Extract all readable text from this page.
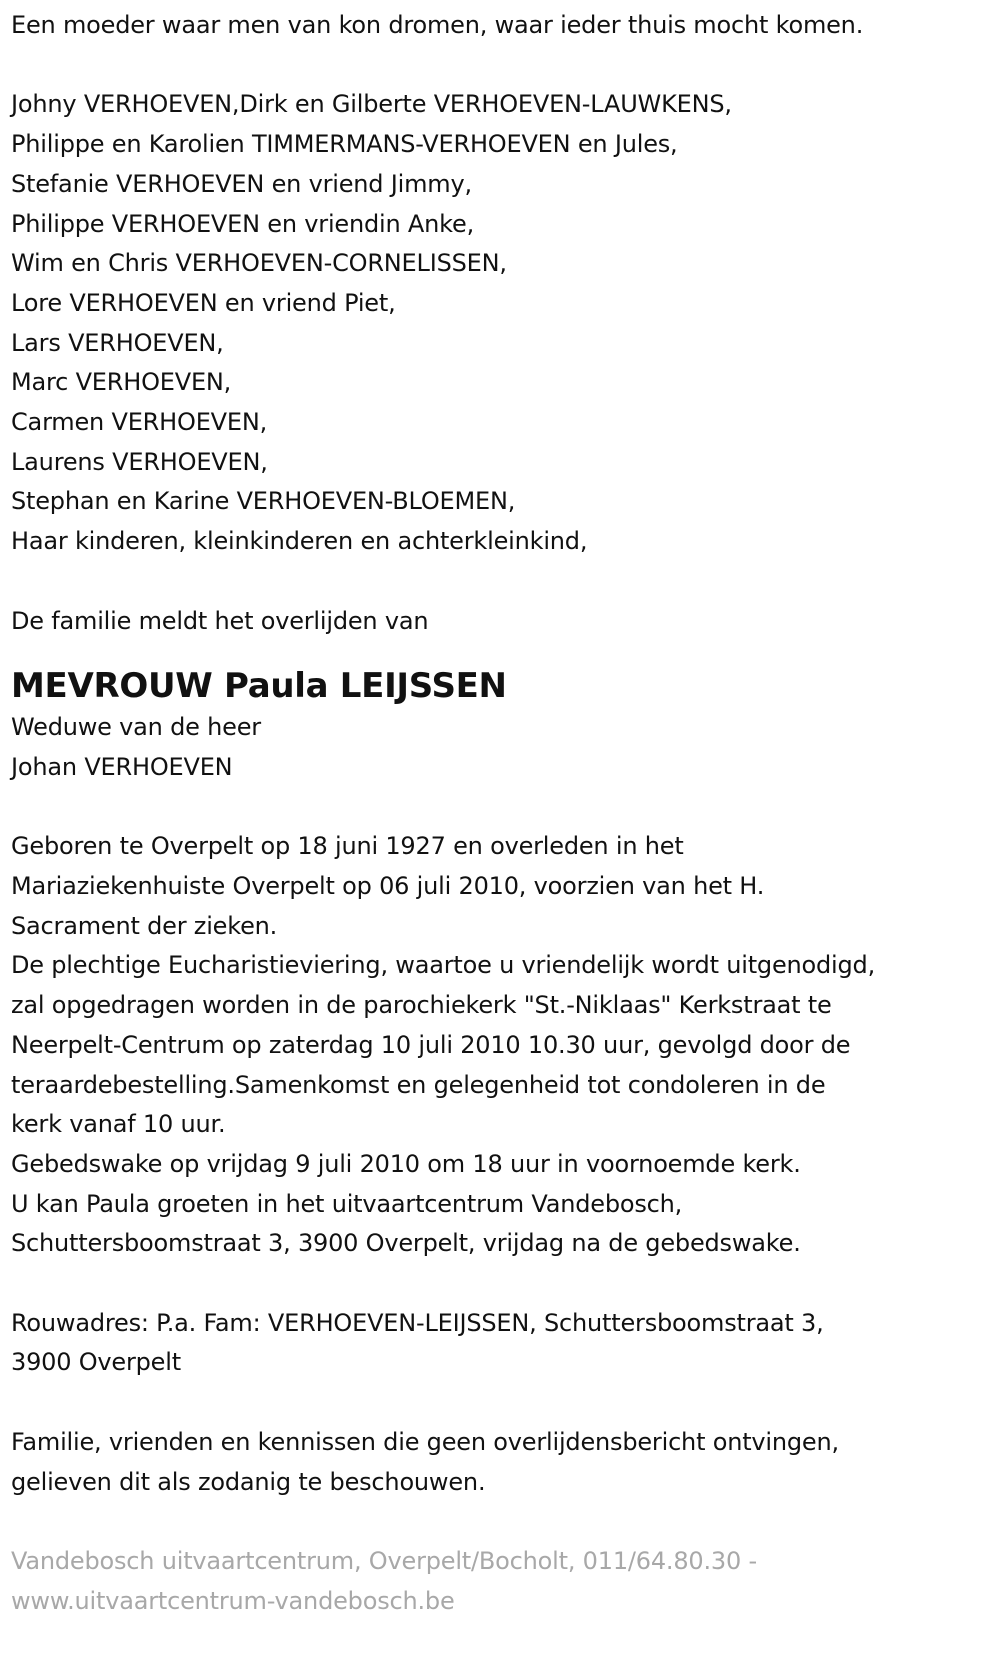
Een moeder waar men van kon dromen, waar ieder thuis mocht komen.
Johny VERHOEVEN,Dirk en Gilberte VERHOEVEN-LAUWKENS,
Philippe en Karolien TIMMERMANS-VERHOEVEN en Jules,
Stefanie VERHOEVEN en vriend Jimmy,
Philippe VERHOEVEN en vriendin Anke,
Wim en Chris VERHOEVEN-CORNELISSEN,
Lore VERHOEVEN en vriend Piet,
Lars VERHOEVEN,
Marc VERHOEVEN,
Carmen VERHOEVEN,
Laurens VERHOEVEN,
Stephan en Karine VERHOEVEN-BLOEMEN,
Haar kinderen, kleinkinderen en achterkleinkind,
De familie meldt het overlijden van
MEVROUW Paula LEIJSSEN
Weduwe van de heer
Johan VERHOEVEN
Geboren te Overpelt op 18 juni 1927 en overleden in het
Mariaziekenhuiste Overpelt op 06 juli 2010, voorzien van het H.
Sacrament der zieken.
De plechtige Eucharistieviering, waartoe u vriendelijk wordt uitgenodigd,
zal opgedragen worden in de parochiekerk "St.-Niklaas" Kerkstraat te
Neerpelt-Centrum op zaterdag 10 juli 2010 10.30 uur, gevolgd door de
teraardebestelling.Samenkomst en gelegenheid tot condoleren in de
kerk vanaf 10 uur.
Gebedswake op vrijdag 9 juli 2010 om 18 uur in voornoemde kerk.
U kan Paula groeten in het uitvaartcentrum Vandebosch,
Schuttersboomstraat 3, 3900 Overpelt, vrijdag na de gebedswake.
Rouwadres: P.a. Fam: VERHOEVEN-LEIJSSEN, Schuttersboomstraat 3,
3900 Overpelt
Familie, vrienden en kennissen die geen overlijdensbericht ontvingen,
gelieven dit als zodanig te beschouwen.
Vandebosch uitvaartcentrum, Overpelt/Bocholt, 011/64.80.30 -
www.uitvaartcentrum-vandebosch.be
